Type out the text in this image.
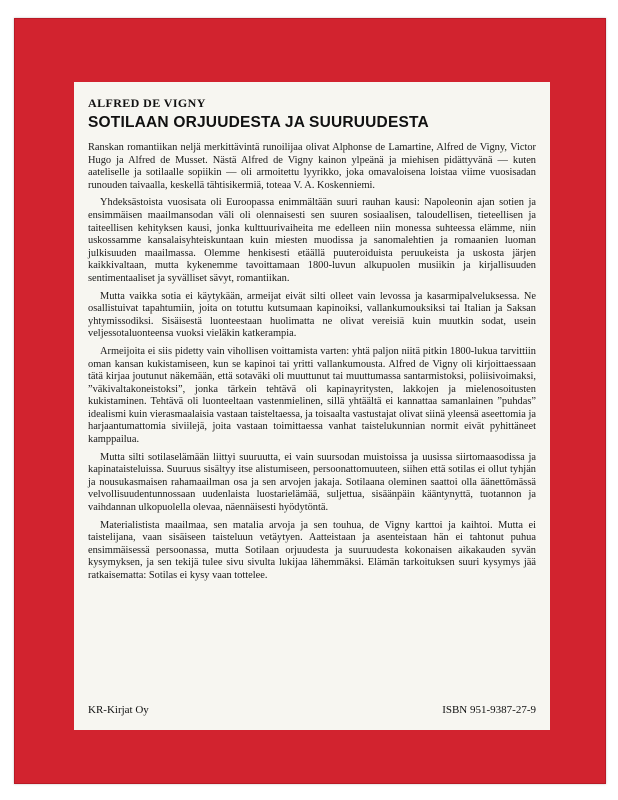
ALFRED DE VIGNY
SOTILAAN ORJUUDESTA JA SUURUUDESTA

Ranskan romantiikan neljä merkittävintä runoilijaa olivat Alphonse de Lamartine, Alfred de Vigny, Victor Hugo ja Alfred de Musset. Nästä Alfred de Vigny kainon ylpeänä ja miehisen pidättyvänä — kuten aateliselle ja sotilaalle sopiikin — oli armoitettu lyyrikko, joka omavaloisena loistaa viime vuosisadan runouden taivaalla, keskellä tähtisikermiä, toteaa V. A. Koskenniemi.

Yhdeksästoista vuosisata oli Euroopassa enimmältään suuri rauhan kausi: Napoleonin ajan sotien ja ensimmäisen maailmansodan väli oli olennaisesti sen suuren sosiaalisen, taloudellisen, tieteellisen ja taiteellisen kehityksen kausi, jonka kulttuurivaiheita me edelleen niin monessa suhteessa elämme, niin uskossamme kansalaisyhteiskuntaan kuin miesten muodissa ja sanomalehtien ja romaanien luoman julkisuuden maailmassa. Olemme henkisesti etäällä puuteroiduista peruukeista ja uskosta järjen kaikkivaltaan, mutta kykenemme tavoittamaan 1800-luvun alkupuolen musiikin ja kirjallisuuden sentimentaaliset ja syvälliset sävyt, romantiikan.

Mutta vaikka sotia ei käytykään, armeijat eivät silti olleet vain levossa ja kasarmipalveluksessa. Ne osallistuivat tapahtumiin, joita on totuttu kutsumaan kapinoiksi, vallankumouksiksi tai Italian ja Saksan yhtymissodiksi. Sisäisestä luonteestaan huolimatta ne olivat vereisiä kuin muutkin sodat, usein veljessotaluonteensa vuoksi vieläkin katkerampia.

Armeijoita ei siis pidetty vain vihollisen voittamista varten: yhtä paljon niitä pitkin 1800-lukua tarvittiin oman kansan kukistamiseen, kun se kapinoi tai yritti vallankumousta. Alfred de Vigny oli kirjoittaessaan tätä kirjaa joutunut näkemään, että sotaväki oli muuttunut tai muuttumassa santarmistoksi, poliisivoimaksi, ”väkivaltakoneistoksi”, jonka tärkein tehtävä oli kapinayritysten, lakkojen ja mielenosoitusten kukistaminen. Tehtävä oli luonteeltaan vastenmielinen, sillä yhtäältä ei kannattaa samanlainen ”puhdas” idealismi kuin vierasmaalaisia vastaan taisteltaessa, ja toisaalta vastustajat olivat siinä yleensä aseettomia ja harjaantumattomia siviilejä, joita vastaan toimittaessa vanhat taistelukunnian normit eivät pyhittäneet kamppailua.

Mutta silti sotilaselämään liittyi suuruutta, ei vain suursodan muistoissa ja uusissa siirtomaasodissa ja kapinataisteluissa. Suuruus sisältyy itse alistumiseen, persoonattomuuteen, siihen että sotilas ei ollut tyhjän ja nousukasmaisen rahamaailman osa ja sen arvojen jakaja. Sotilaana oleminen saattoi olla äänettömässä velvollisuudentunnossaan uudenlaista luostarielämää, suljettua, sisäänpäin kääntynyttä, tuotannon ja vaihdannan ulkopuolella olevaa, näennäisesti hyödytöntä.

Materialistista maailmaa, sen matalia arvoja ja sen touhua, de Vigny karttoi ja kaihtoi. Mutta ei taistelijana, vaan sisäiseen taisteluun vetäytyen. Aatteistaan ja asenteistaan hän ei tahtonut puhua ensimmäisessä persoonassa, mutta Sotilaan orjuudesta ja suuruudesta kokonaisen aikakauden syvän kysymyksen, ja sen tekijä tulee sivu sivulta lukijaa lähemmäksi. Elämän tarkoituksen suuri kysymys jää ratkaisematta: Sotilas ei kysy vaan tottelee.

KR-Kirjat Oy	ISBN 951-9387-27-9
